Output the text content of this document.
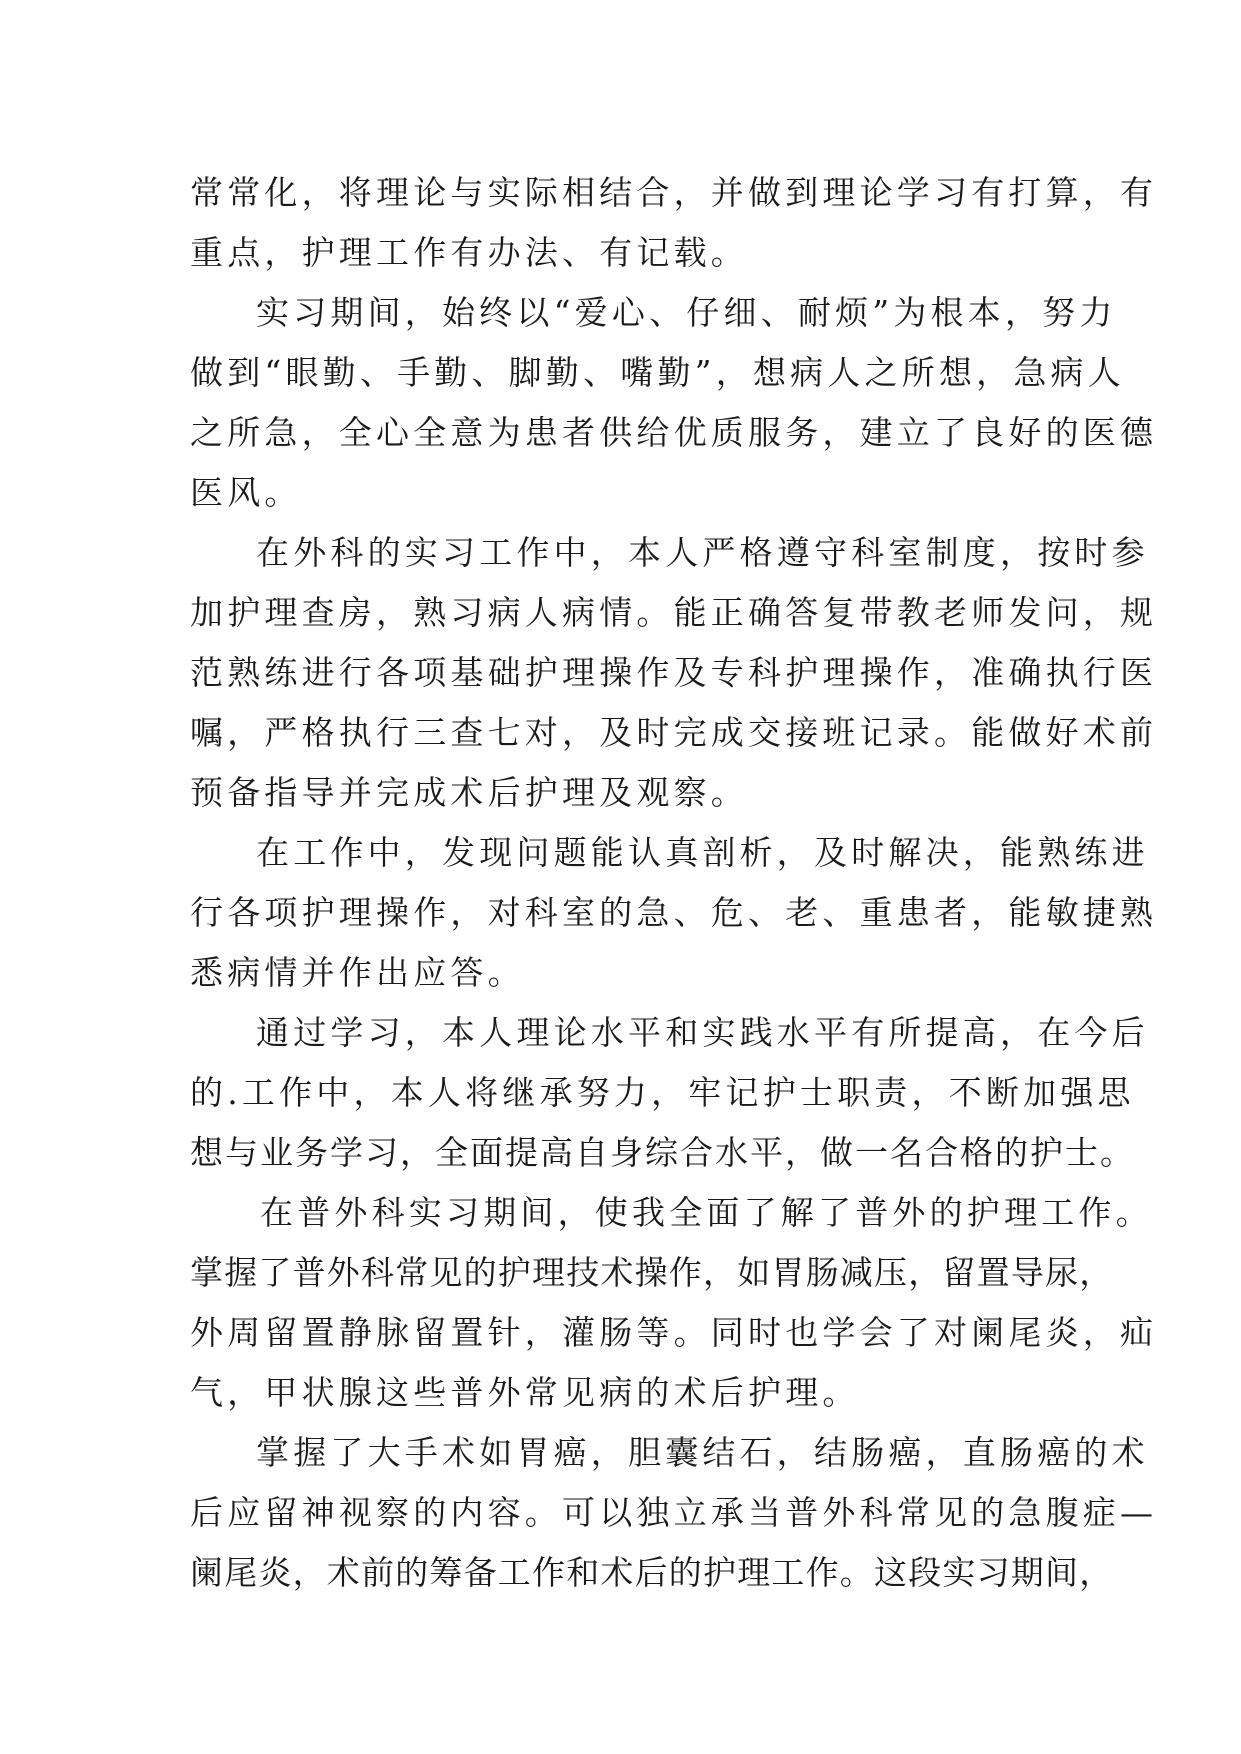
常常化，将理论与实际相结合，并做到理论学习有打算，有
重点，护理工作有办法、有记载。
实习期间，始终以“爱心、仔细、耐烦”为根本，努力
做到“眼勤、手勤、脚勤、嘴勤”，想病人之所想，急病人
之所急，全心全意为患者供给优质服务，建立了良好的医德
医风。
在外科的实习工作中，本人严格遵守科室制度，按时参
加护理查房，熟习病人病情。能正确答复带教老师发问，规
范熟练进行各项基础护理操作及专科护理操作，准确执行医
嘱，严格执行三查七对，及时完成交接班记录。能做好术前
预备指导并完成术后护理及观察。
在工作中，发现问题能认真剖析，及时解决，能熟练进
行各项护理操作，对科室的急、危、老、重患者，能敏捷熟
悉病情并作出应答。
通过学习，本人理论水平和实践水平有所提高，在今后
的.工作中，本人将继承努力，牢记护士职责，不断加强思
想与业务学习，全面提高自身综合水平，做一名合格的护士。
在普外科实习期间，使我全面了解了普外的护理工作。
掌握了普外科常见的护理技术操作，如胃肠减压，留置导尿，
外周留置静脉留置针，灌肠等。同时也学会了对阑尾炎，疝
气，甲状腺这些普外常见病的术后护理。
掌握了大手术如胃癌，胆囊结石，结肠癌，直肠癌的术
后应留神视察的内容。可以独立承当普外科常见的急腹症—
阑尾炎，术前的筹备工作和术后的护理工作。这段实习期间，
